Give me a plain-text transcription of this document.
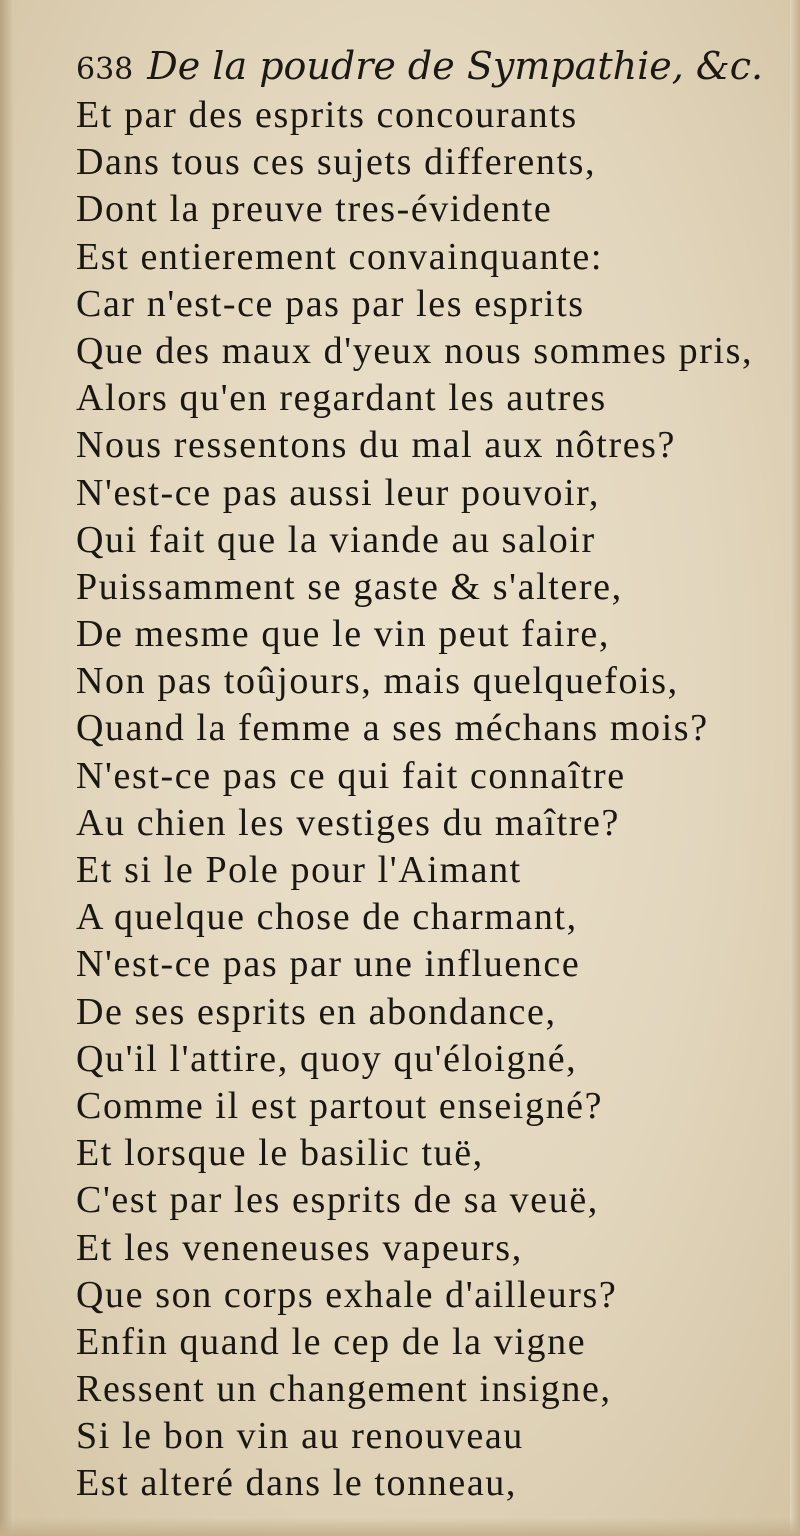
638 De la poudre de Sympathie, &c.
Et par des esprits concourants
Dans tous ces sujets differents,
Dont la preuve tres-évidente
Est entierement convainquante:
Car n'est-ce pas par les esprits
Que des maux d'yeux nous sommes pris,
Alors qu'en regardant les autres
Nous ressentons du mal aux nôtres?
N'est-ce pas aussi leur pouvoir,
Qui fait que la viande au saloir
Puissamment se gaste & s'altere,
De mesme que le vin peut faire,
Non pas toûjours, mais quelquefois,
Quand la femme a ses méchans mois?
N'est-ce pas ce qui fait connaître
Au chien les vestiges du maître?
Et si le Pole pour l'Aimant
A quelque chose de charmant,
N'est-ce pas par une influence
De ses esprits en abondance,
Qu'il l'attire, quoy qu'éloigné,
Comme il est partout enseigné?
Et lorsque le basilic tuë,
C'est par les esprits de sa veuë,
Et les veneneuses vapeurs,
Que son corps exhale d'ailleurs?
Enfin quand le cep de la vigne
Ressent un changement insigne,
Si le bon vin au renouveau
Est alteré dans le tonneau,
